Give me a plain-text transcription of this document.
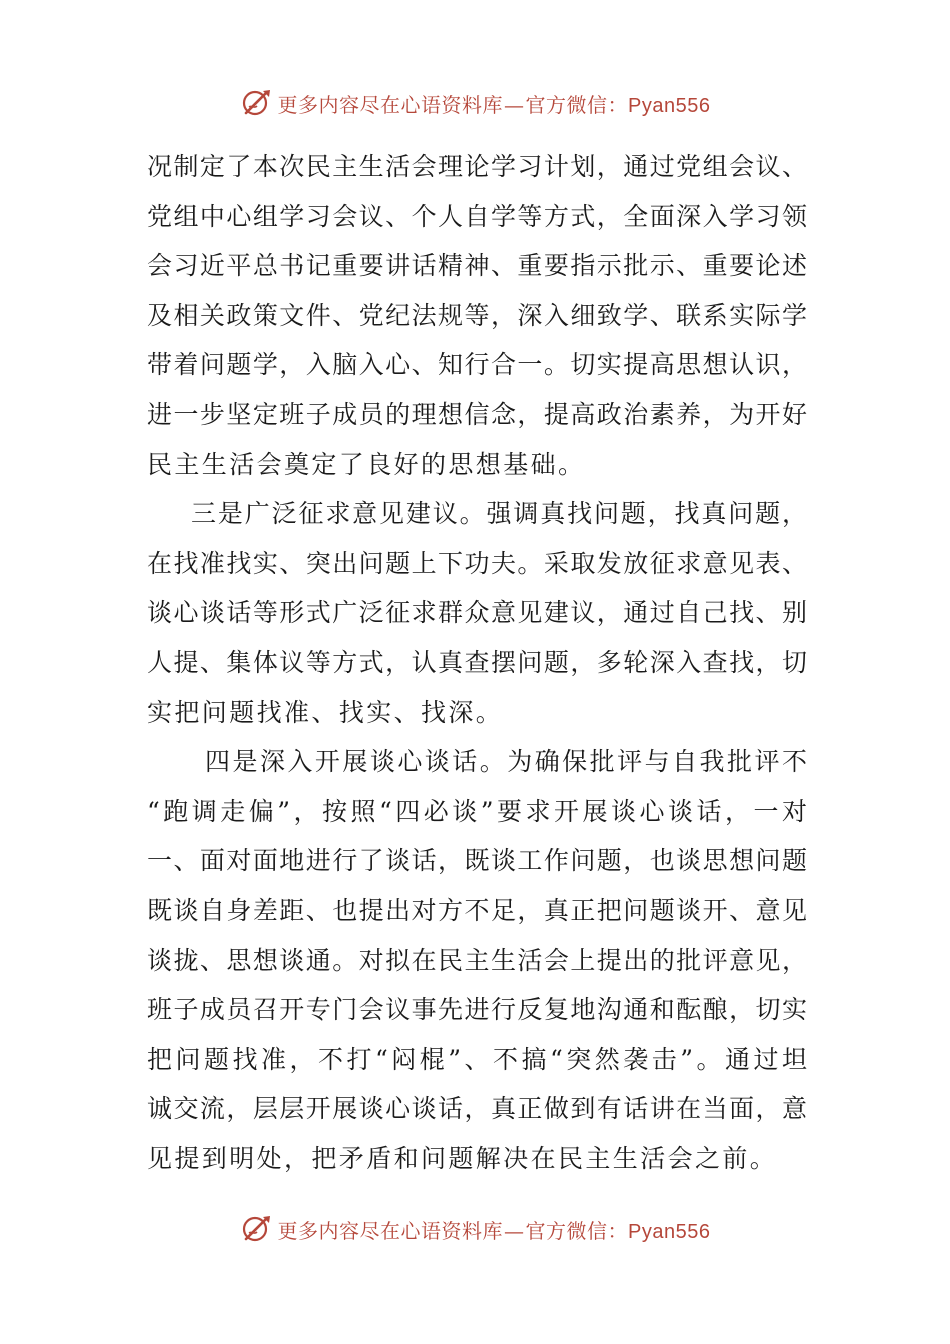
更多内容尽在心语资料库—官方微信：Pyan556
况制定了本次民主生活会理论学习计划，通过党组会议、
党组中心组学习会议、个人自学等方式，全面深入学习领
会习近平总书记重要讲话精神、重要指示批示、重要论述
及相关政策文件、党纪法规等，深入细致学、联系实际学
带着问题学，入脑入心、知行合一。切实提高思想认识，
进一步坚定班子成员的理想信念，提高政治素养，为开好
民主生活会奠定了良好的思想基础。
三是广泛征求意见建议。强调真找问题，找真问题，
在找准找实、突出问题上下功夫。采取发放征求意见表、
谈心谈话等形式广泛征求群众意见建议，通过自己找、别
人提、集体议等方式，认真查摆问题，多轮深入查找，切
实把问题找准、找实、找深。
四是深入开展谈心谈话。为确保批评与自我批评不
“跑调走偏”，按照“四必谈”要求开展谈心谈话，一对
一、面对面地进行了谈话，既谈工作问题，也谈思想问题
既谈自身差距、也提出对方不足，真正把问题谈开、意见
谈拢、思想谈通。对拟在民主生活会上提出的批评意见，
班子成员召开专门会议事先进行反复地沟通和酝酿，切实
把问题找准，不打“闷棍”、不搞“突然袭击”。通过坦
诚交流，层层开展谈心谈话，真正做到有话讲在当面，意
见提到明处，把矛盾和问题解决在民主生活会之前。
更多内容尽在心语资料库—官方微信：Pyan556
